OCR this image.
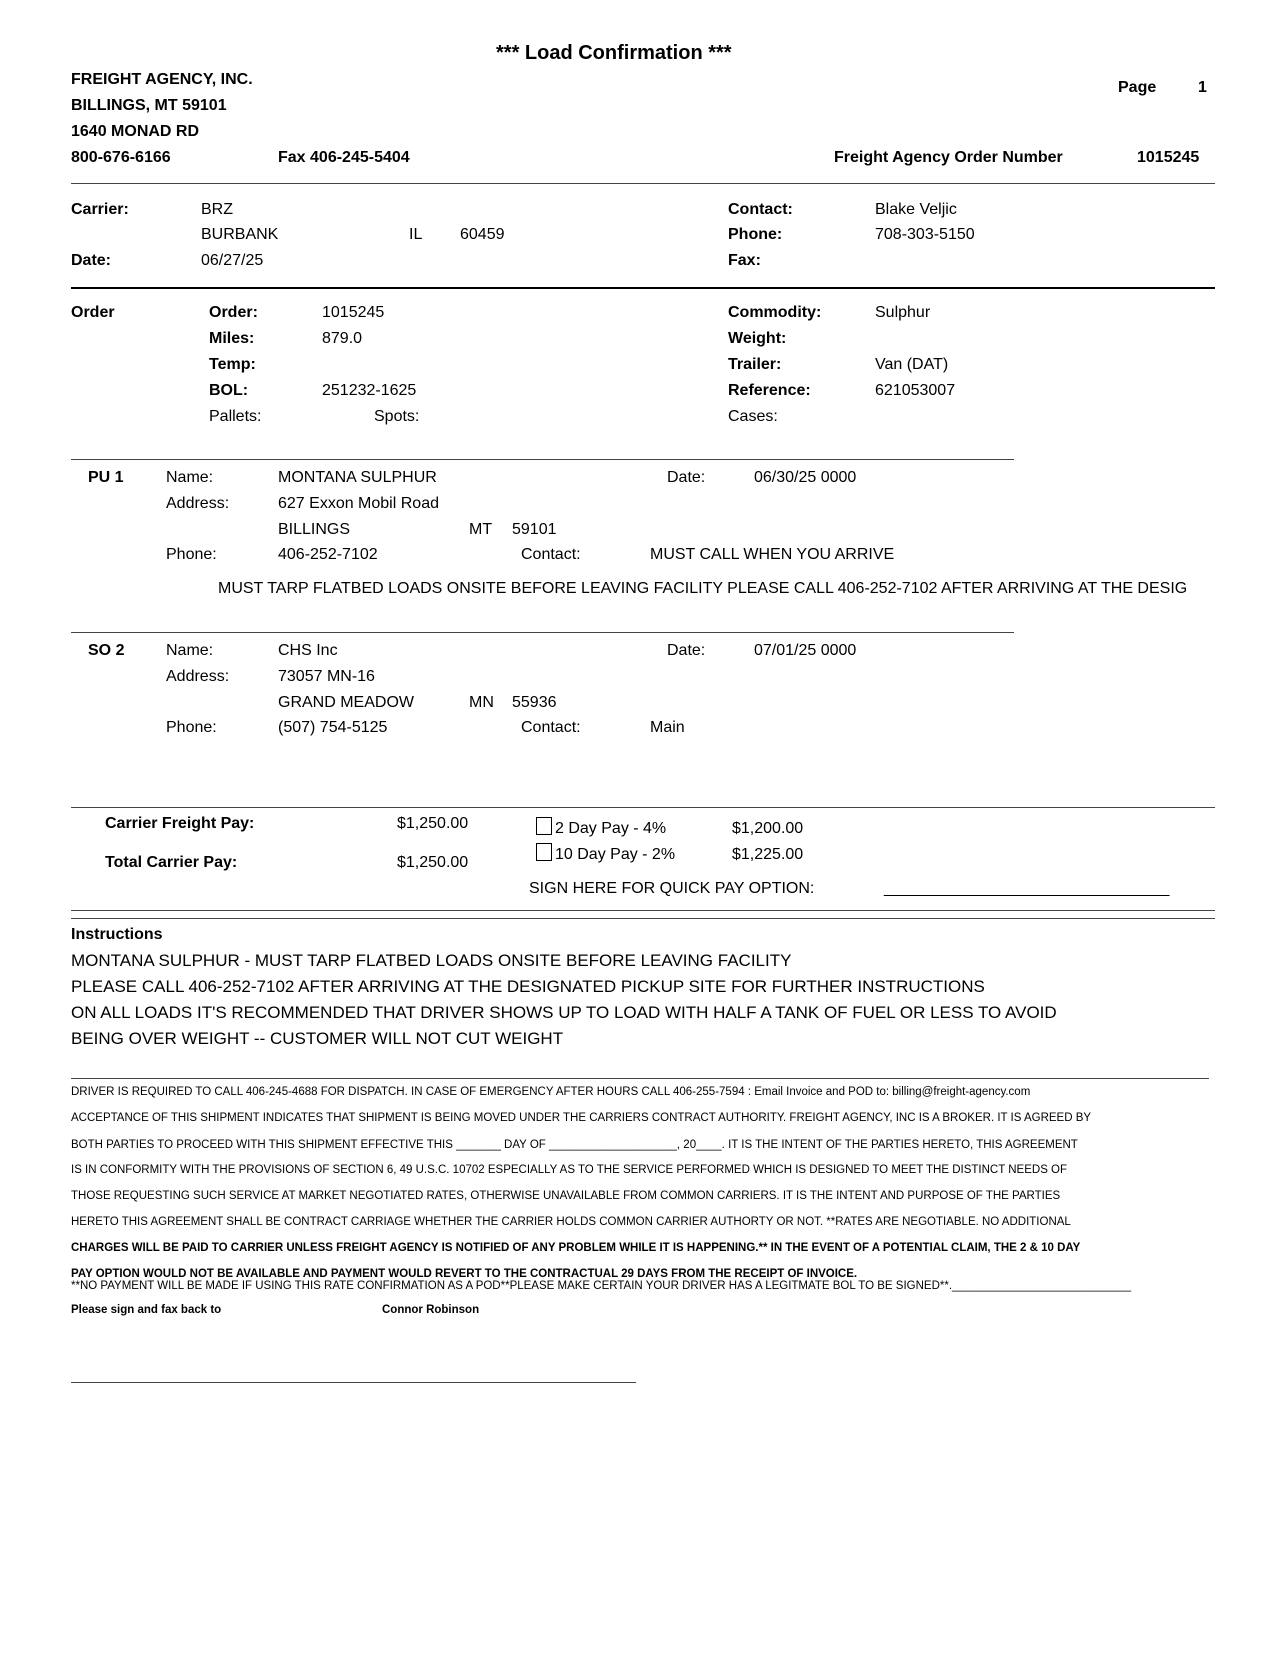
*** Load Confirmation ***
FREIGHT AGENCY, INC.
BILLINGS, MT 59101
1640 MONAD RD
800-676-6166	Fax 406-245-5404
Page	1
Freight Agency Order Number	1015245
Carrier:	BRZ
BURBANK	IL 60459
Date:	06/27/25
Contact:	Blake Veljic
Phone:	708-303-5150
Fax:
Order	Order:	1015245
Miles:	879.0
Temp:
BOL:	251232-1625
Pallets:	Spots:
Commodity:	Sulphur
Weight:
Trailer:	Van (DAT)
Reference:	621053007
Cases:
PU 1	Name:	MONTANA SULPHUR	Date:	06/30/25 0000
Address:	627 Exxon Mobil Road
BILLINGS	MT 59101
Phone:	406-252-7102	Contact:	MUST CALL WHEN YOU ARRIVE
MUST TARP FLATBED LOADS ONSITE BEFORE LEAVING FACILITY PLEASE CALL 406-252-7102 AFTER ARRIVING AT THE DESIG
SO 2	Name:	CHS Inc	Date:	07/01/25 0000
Address:	73057 MN-16
GRAND MEADOW	MN 55936
Phone:	(507) 754-5125	Contact:	Main
Carrier Freight Pay:	$1,250.00
Total Carrier Pay:	$1,250.00
2 Day Pay - 4%	$1,200.00
10 Day Pay - 2%	$1,225.00
SIGN HERE FOR QUICK PAY OPTION:	____________________________________
Instructions
MONTANA SULPHUR - MUST TARP FLATBED LOADS ONSITE BEFORE LEAVING FACILITY
PLEASE CALL 406-252-7102 AFTER ARRIVING AT THE DESIGNATED PICKUP SITE FOR FURTHER INSTRUCTIONS
ON ALL LOADS IT'S RECOMMENDED THAT DRIVER SHOWS UP TO LOAD WITH HALF A TANK OF FUEL OR LESS TO AVOID
BEING OVER WEIGHT -- CUSTOMER WILL NOT CUT WEIGHT
DRIVER IS REQUIRED TO CALL 406-245-4688 FOR DISPATCH. IN CASE OF EMERGENCY AFTER HOURS CALL 406-255-7594 : Email Invoice and POD to: billing@freight-agency.com
ACCEPTANCE OF THIS SHIPMENT INDICATES THAT SHIPMENT IS BEING MOVED UNDER THE CARRIERS CONTRACT AUTHORITY. FREIGHT AGENCY, INC IS A BROKER. IT IS AGREED BY
BOTH PARTIES TO PROCEED WITH THIS SHIPMENT EFFECTIVE THIS _______ DAY OF ____________________, 20____. IT IS THE INTENT OF THE PARTIES HERETO, THIS AGREEMENT
IS IN CONFORMITY WITH THE PROVISIONS OF SECTION 6, 49 U.S.C. 10702 ESPECIALLY AS TO THE SERVICE PERFORMED WHICH IS DESIGNED TO MEET THE DISTINCT NEEDS OF
THOSE REQUESTING SUCH SERVICE AT MARKET NEGOTIATED RATES, OTHERWISE UNAVAILABLE FROM COMMON CARRIERS. IT IS THE INTENT AND PURPOSE OF THE PARTIES
HERETO THIS AGREEMENT SHALL BE CONTRACT CARRIAGE WHETHER THE CARRIER HOLDS COMMON CARRIER AUTHORTY OR NOT. **RATES ARE NEGOTIABLE. NO ADDITIONAL
CHARGES WILL BE PAID TO CARRIER UNLESS FREIGHT AGENCY IS NOTIFIED OF ANY PROBLEM WHILE IT IS HAPPENING.** IN THE EVENT OF A POTENTIAL CLAIM, THE 2 & 10 DAY
PAY OPTION WOULD NOT BE AVAILABLE AND PAYMENT WOULD REVERT TO THE CONTRACTUAL 29 DAYS FROM THE RECEIPT OF INVOICE.
**NO PAYMENT WILL BE MADE IF USING THIS RATE CONFIRMATION AS A POD**PLEASE MAKE CERTAIN YOUR DRIVER HAS A LEGITMATE BOL TO BE SIGNED**.____________________________
Please sign and fax back to	Connor Robinson
